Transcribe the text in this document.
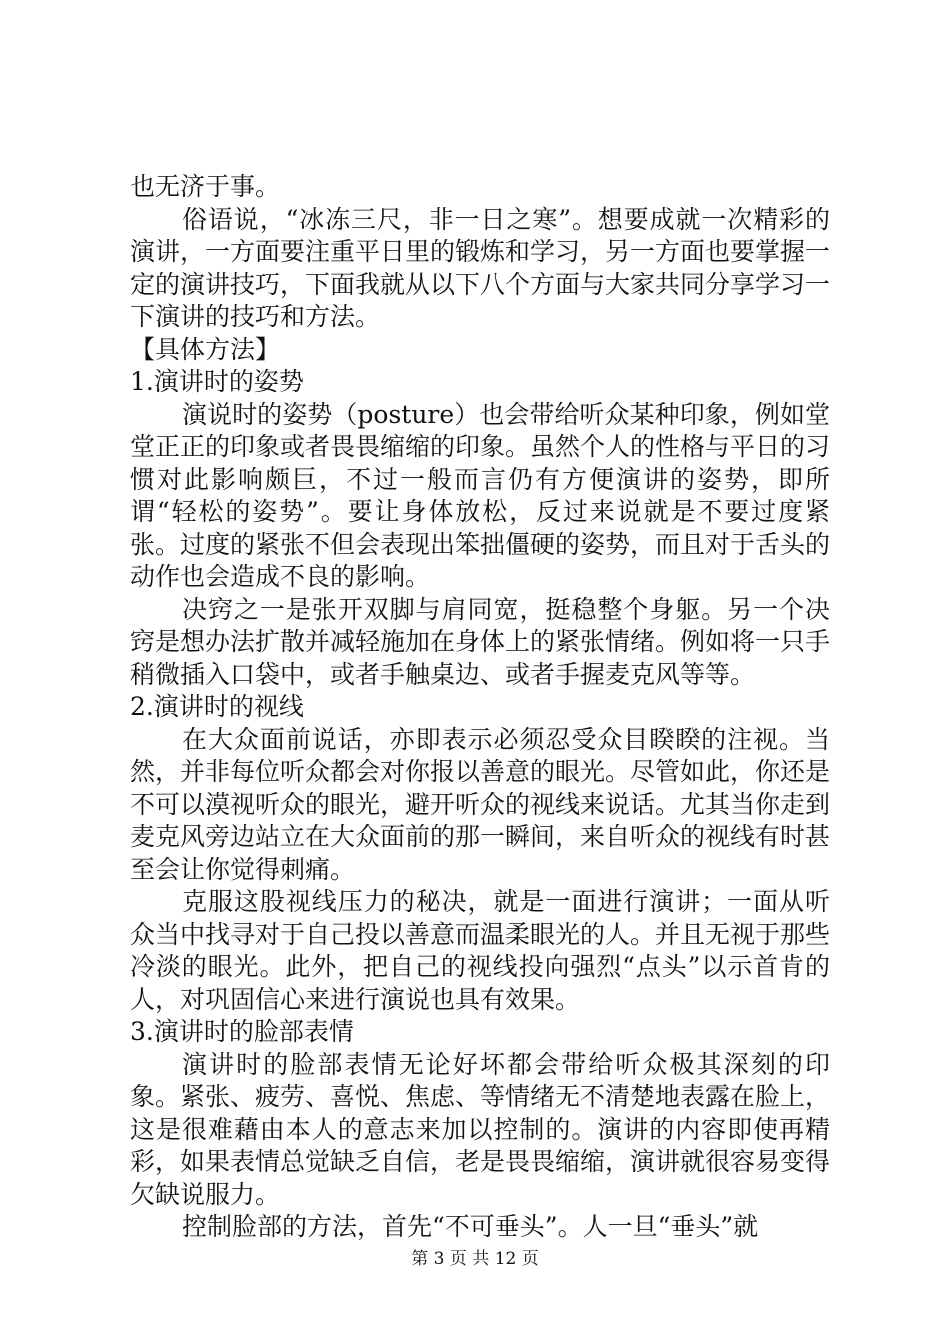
也无济于事。

俗语说，“冰冻三尺，非一日之寒”。想要成就一次精彩的演讲，一方面要注重平日里的锻炼和学习，另一方面也要掌握一定的演讲技巧，下面我就从以下八个方面与大家共同分享学习一下演讲的技巧和方法。

【具体方法】

1.演讲时的姿势

演说时的姿势（posture）也会带给听众某种印象，例如堂堂正正的印象或者畏畏缩缩的印象。虽然个人的性格与平日的习惯对此影响颇巨，不过一般而言仍有方便演讲的姿势，即所谓“轻松的姿势”。要让身体放松，反过来说就是不要过度紧张。过度的紧张不但会表现出笨拙僵硬的姿势，而且对于舌头的动作也会造成不良的影响。

决窍之一是张开双脚与肩同宽，挺稳整个身躯。另一个决窍是想办法扩散并减轻施加在身体上的紧张情绪。例如将一只手稍微插入口袋中，或者手触桌边、或者手握麦克风等等。

2.演讲时的视线

在大众面前说话，亦即表示必须忍受众目睽睽的注视。当然，并非每位听众都会对你报以善意的眼光。尽管如此，你还是不可以漠视听众的眼光，避开听众的视线来说话。尤其当你走到麦克风旁边站立在大众面前的那一瞬间，来自听众的视线有时甚至会让你觉得刺痛。

克服这股视线压力的秘决，就是一面进行演讲；一面从听众当中找寻对于自己投以善意而温柔眼光的人。并且无视于那些冷淡的眼光。此外，把自己的视线投向强烈“点头”以示首肯的人，对巩固信心来进行演说也具有效果。

3.演讲时的脸部表情

演讲时的脸部表情无论好坏都会带给听众极其深刻的印象。紧张、疲劳、喜悦、焦虑、等情绪无不清楚地表露在脸上，这是很难藉由本人的意志来加以控制的。演讲的内容即使再精彩，如果表情总觉缺乏自信，老是畏畏缩缩，演讲就很容易变得欠缺说服力。

控制脸部的方法，首先“不可垂头”。人一旦“垂头”就

第 3 页 共 12 页
